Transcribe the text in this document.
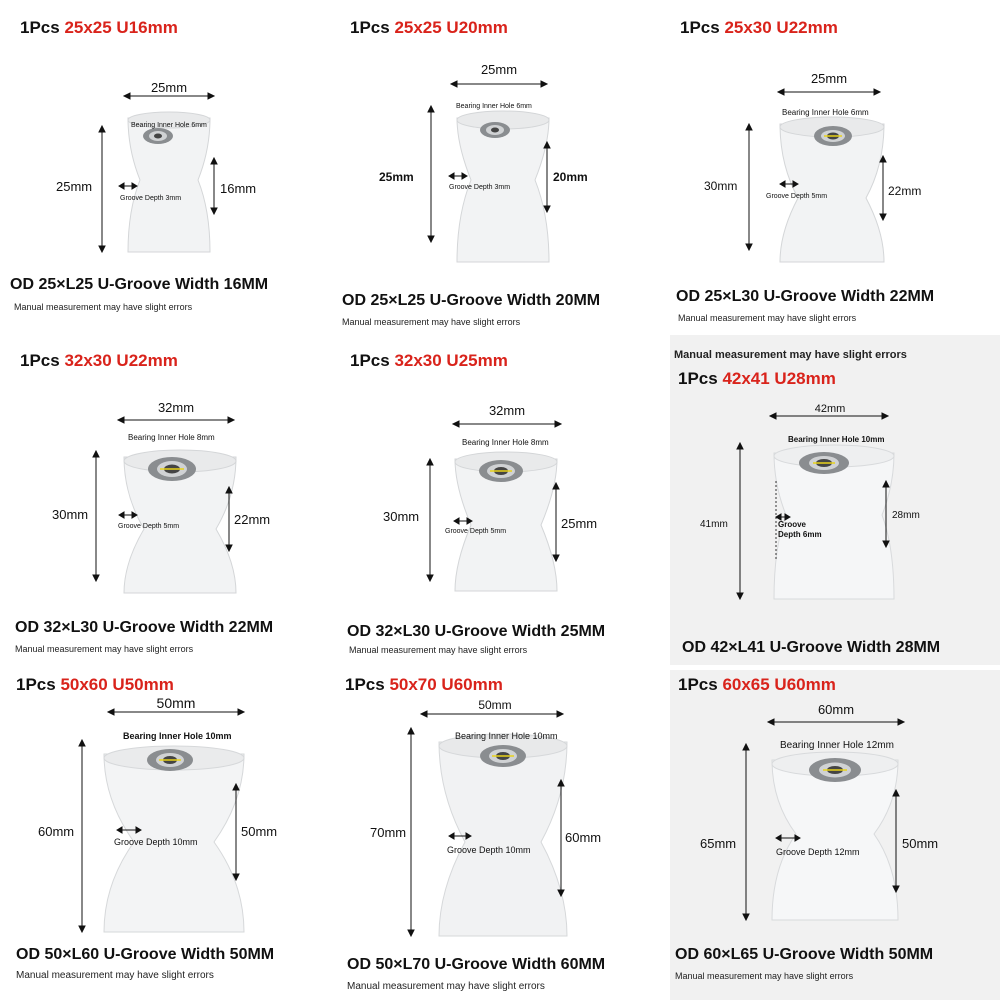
1Pcs 25x25 U16mm
25mm
Bearing Inner Hole 6mm
25mm	16mm
Groove Depth 3mm
OD 25×L25 U-Groove Width 16MM
Manual measurement may have slight errors
1Pcs 25x25 U20mm
25mm
Bearing Inner Hole 6mm
25mm	20mm
Groove Depth 3mm
OD 25×L25 U-Groove Width 20MM
Manual measurement may have slight errors
1Pcs 25x30 U22mm
25mm
Bearing Inner Hole 6mm
30mm	22mm
Groove Depth 5mm
OD 25×L30 U-Groove Width 22MM
Manual measurement may have slight errors
1Pcs 32x30 U22mm
32mm
Bearing Inner Hole 8mm
30mm	22mm
Groove Depth 5mm
OD 32×L30 U-Groove Width 22MM
Manual measurement may have slight errors
1Pcs 32x30 U25mm
32mm
Bearing Inner Hole 8mm
30mm	25mm
Groove Depth 5mm
OD 32×L30 U-Groove Width 25MM
Manual measurement may have slight errors
Manual measurement may have slight errors
1Pcs 42x41 U28mm
42mm
Bearing Inner Hole 10mm
41mm
28mm
Groove
Depth 6mm
OD 42×L41 U-Groove Width 28MM
1Pcs 50x60 U50mm
50mm
Bearing Inner Hole 10mm
60mm	50mm
Groove Depth 10mm
OD 50×L60 U-Groove Width 50MM
Manual measurement may have slight errors
1Pcs 50x70 U60mm
50mm
Bearing Inner Hole 10mm
70mm	60mm
Groove Depth 10mm
OD 50×L70 U-Groove Width 60MM
Manual measurement may have slight errors
1Pcs 60x65 U60mm
60mm
Bearing Inner Hole 12mm
65mm	50mm
Groove Depth 12mm
OD 60×L65 U-Groove Width 50MM
Manual measurement may have slight errors
